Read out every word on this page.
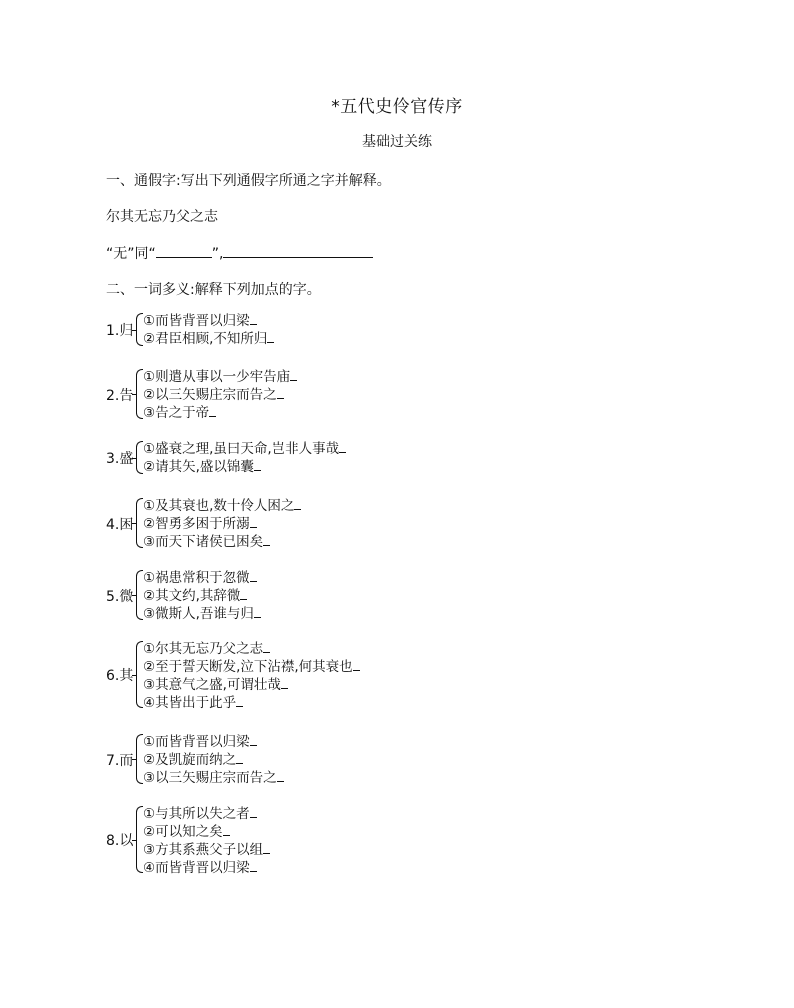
*五代史伶官传序
基础过关练
一、通假字:写出下列通假字所通之字并解释。
尔其无忘乃父之志
“无”同“	”,
二、一词多义:解释下列加点的字。
1.归
①而皆背晋以归梁
②君臣相顾,不知所归
2.告
①则遣从事以一少牢告庙
②以三矢赐庄宗而告之
③告之于帝
3.盛
①盛衰之理,虽曰天命,岂非人事哉
②请其矢,盛以锦囊
4.困
①及其衰也,数十伶人困之
②智勇多困于所溺
③而天下诸侯已困矣
5.微
①祸患常积于忽微
②其文约,其辞微
③微斯人,吾谁与归
6.其
①尔其无忘乃父之志
②至于誓天断发,泣下沾襟,何其衰也
③其意气之盛,可谓壮哉
④其皆出于此乎
7.而
①而皆背晋以归梁
②及凯旋而纳之
③以三矢赐庄宗而告之
8.以
①与其所以失之者
②可以知之矣
③方其系燕父子以组
④而皆背晋以归梁
